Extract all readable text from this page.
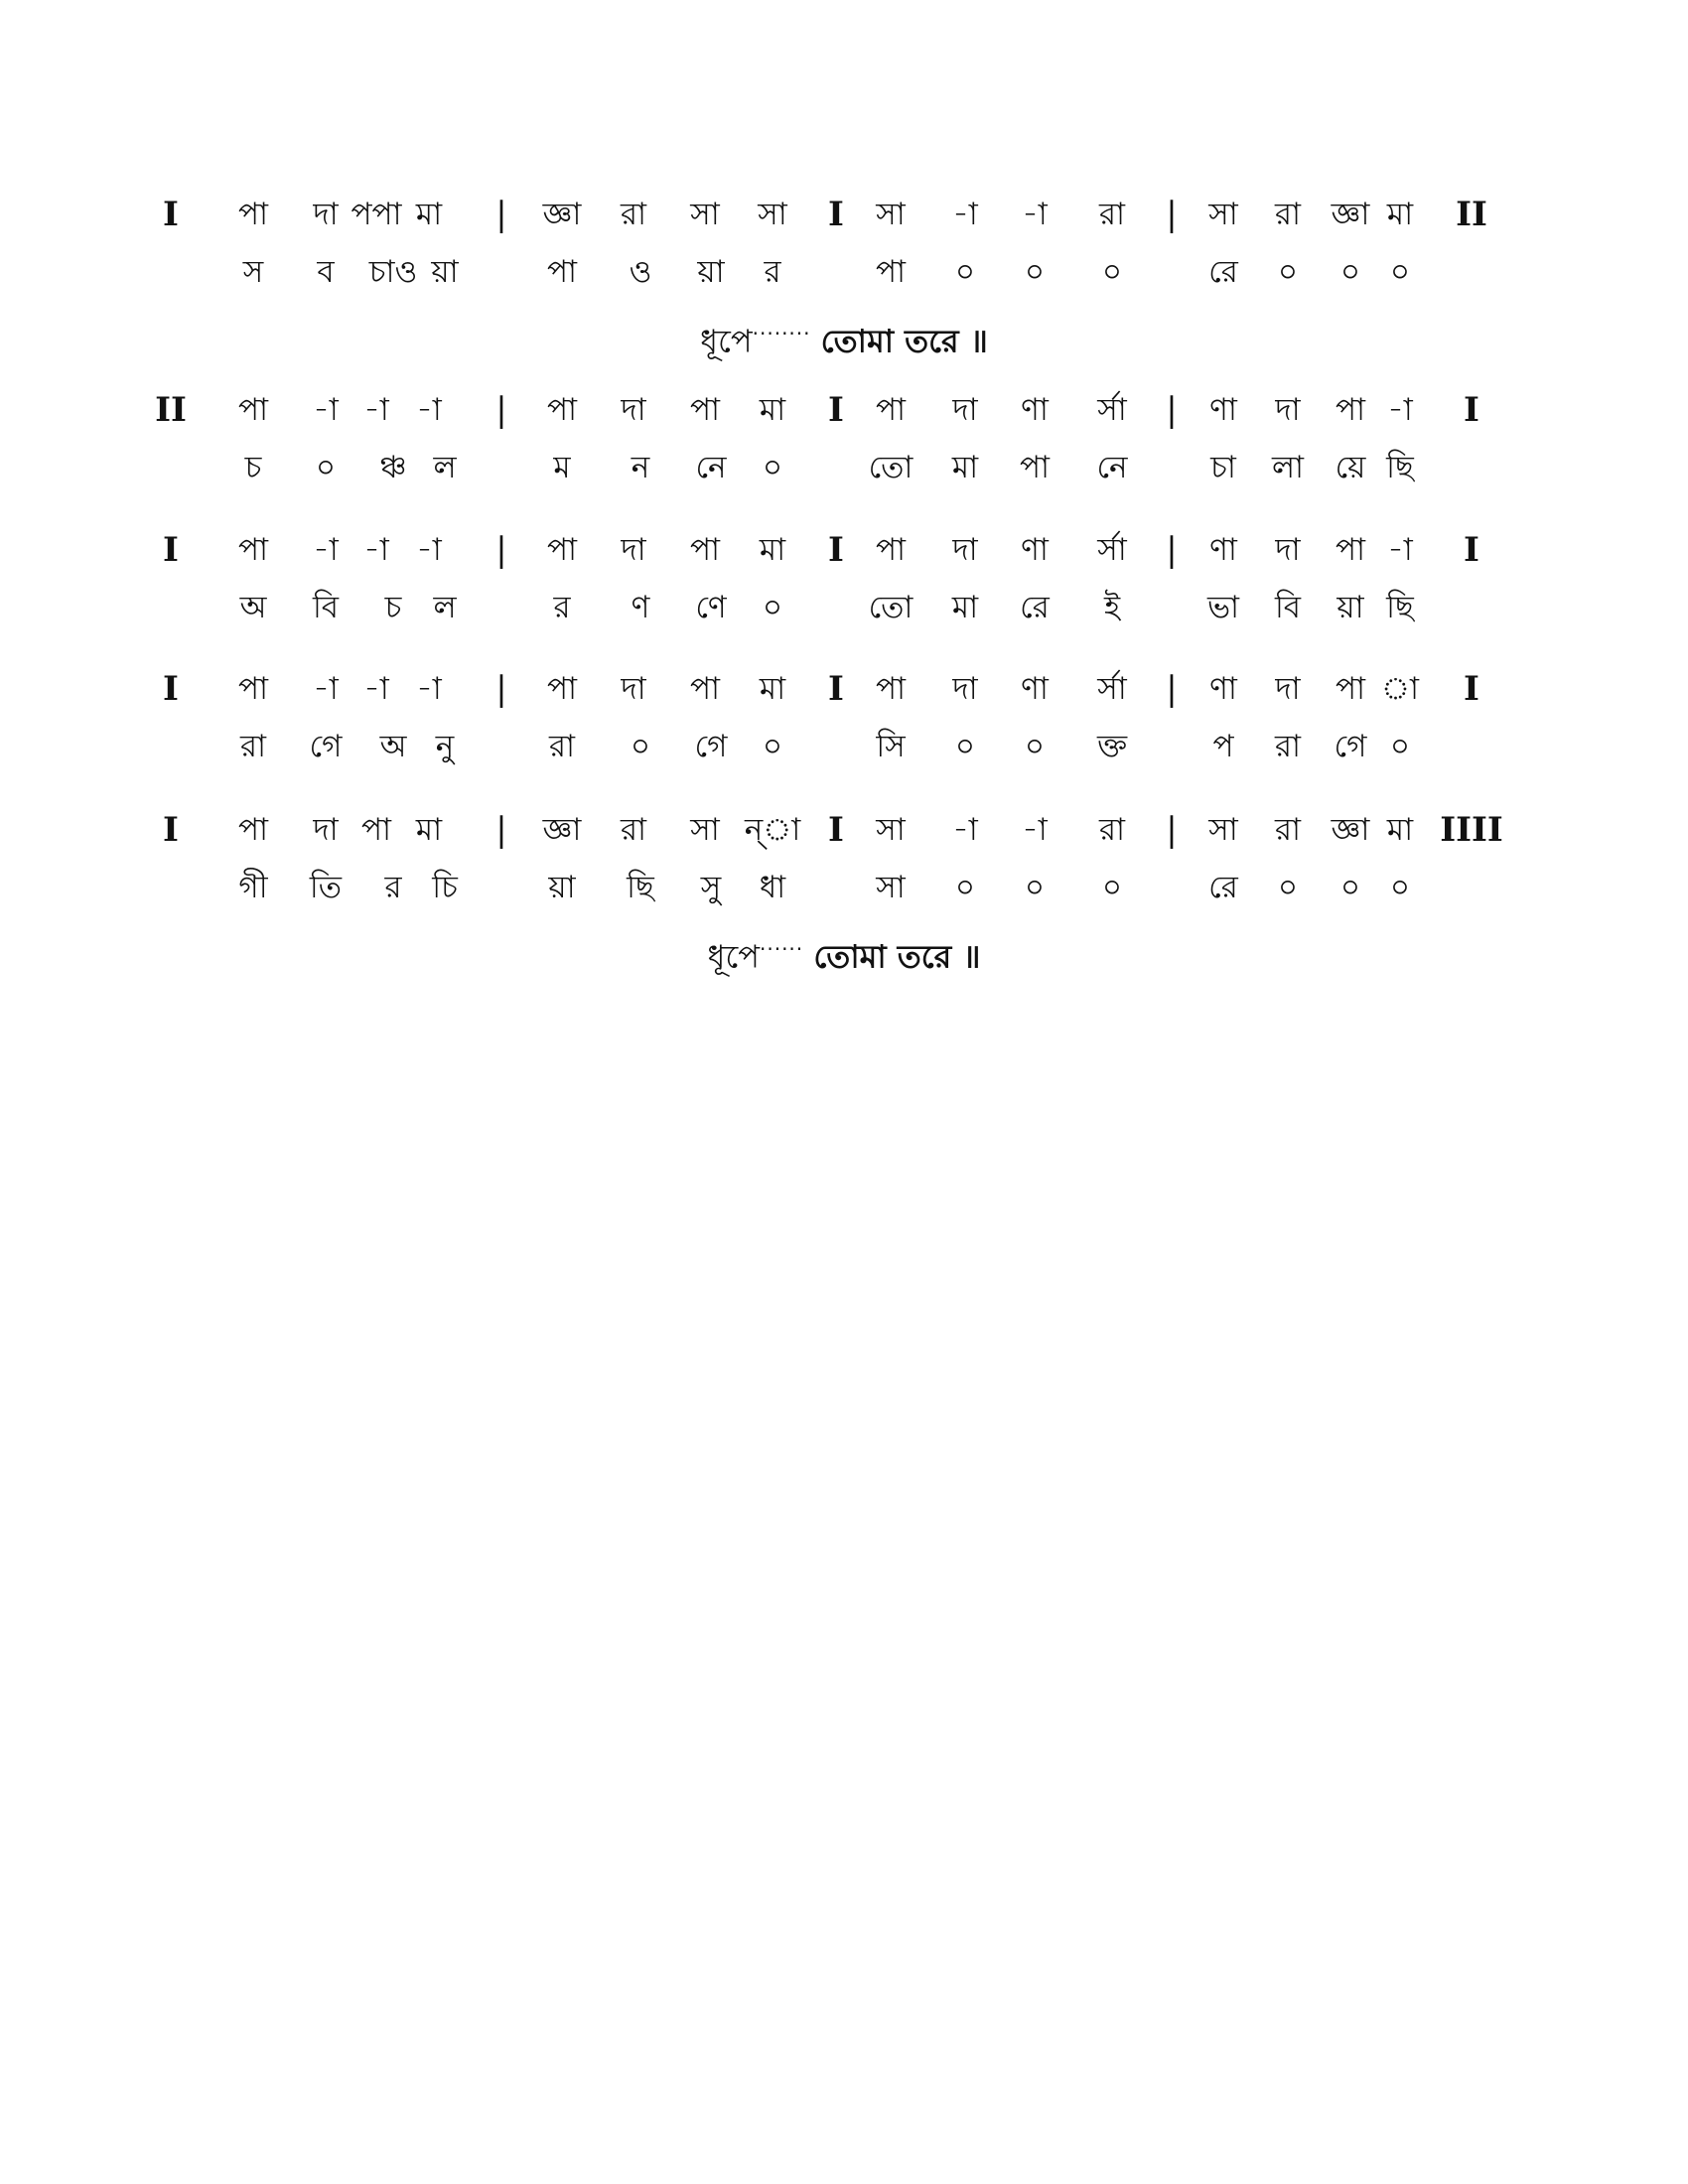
I পা দা পপা মা | জ্ঞা রা সা সা I সা -া -া রা | সা রা জ্ঞা মা II
স ব চাও য়া	পা ও য়া র	পা ০ ০ ০	রে ০ ০ ০
ধূপে········ তোমা তরে ॥
II পা -া -া -া | পা দা পা মা I পা দা ণা র্সা | ণা দা পা -া I
চ ০ ঞ্চ ল	ম ন নে ০	তো মা পা নে	চা লা য়ে ছি
I পা -া -া -া | পা দা পা মা I পা দা ণা র্সা | ণা দা পা -া I
অ বি চ ল	র ণ ণে ০	তো মা রে ই	ভা বি য়া ছি
I পা -া -া -া | পা দা পা মা I পা দা ণা র্সা | ণা দা পা া I
রা গে অ নু	রা ০ গে ০	সি ০ ০ ক্ত	প রা গে ০
I পা দা পা মা | জ্ঞা রা সা ন্‌া I সা -া -া রা | সা রা জ্ঞা মা IIII
গী তি র চি	য়া ছি সু ধা	সা ০ ০ ০	রে ০ ০ ০
ধূপে······ তোমা তরে ॥
